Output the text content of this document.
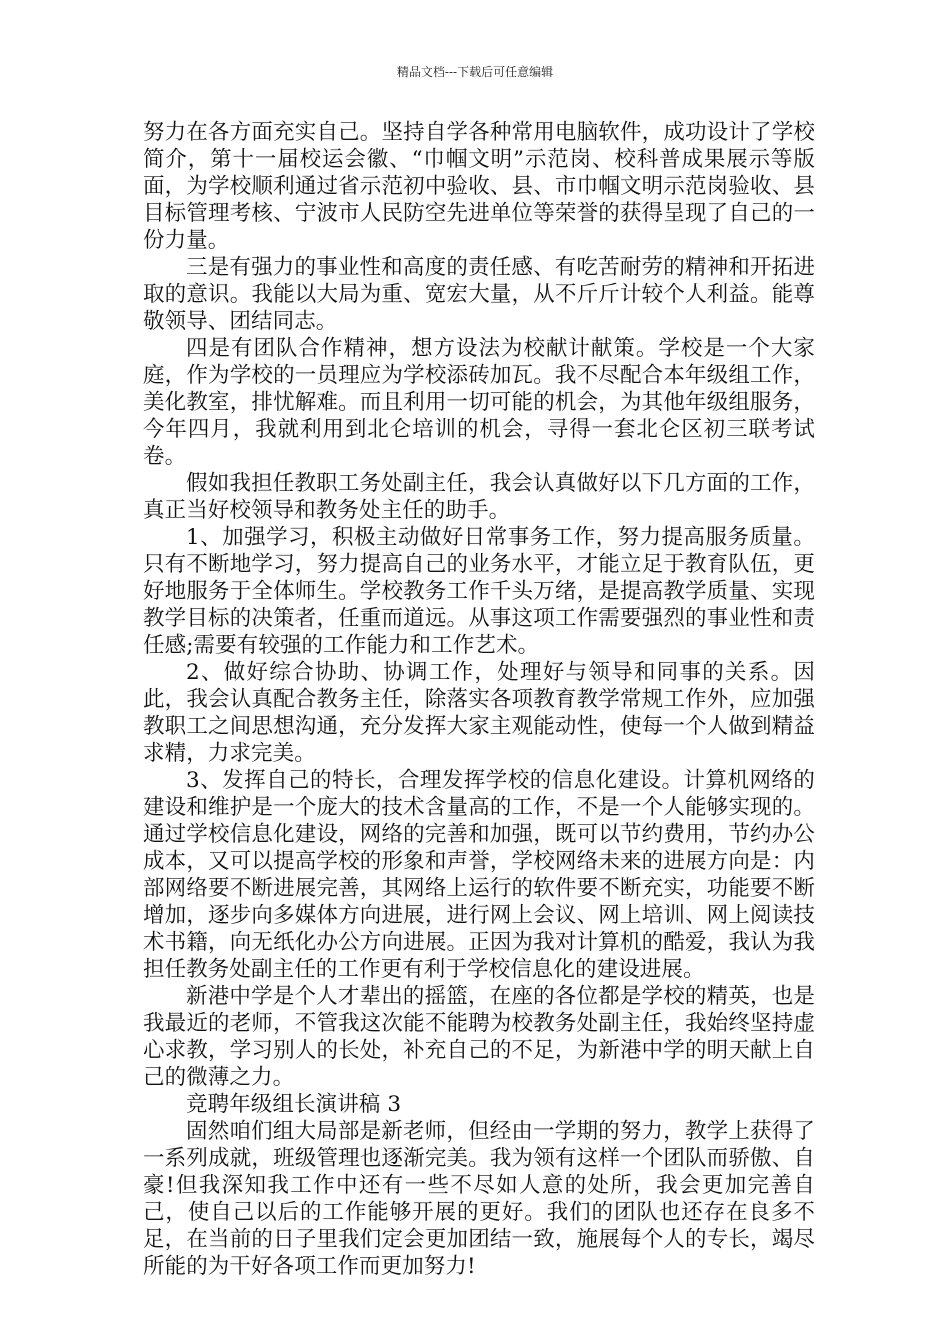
精品文档---下载后可任意编辑

努力在各方面充实自己。坚持自学各种常用电脑软件，成功设计了学校简介，第十一届校运会徽、“巾帼文明”示范岗、校科普成果展示等版面，为学校顺利通过省示范初中验收、县、市巾帼文明示范岗验收、县目标管理考核、宁波市人民防空先进单位等荣誉的获得呈现了自己的一份力量。

三是有强力的事业性和高度的责任感、有吃苦耐劳的精神和开拓进取的意识。我能以大局为重、宽宏大量，从不斤斤计较个人利益。能尊敬领导、团结同志。

四是有团队合作精神，想方设法为校献计献策。学校是一个大家庭，作为学校的一员理应为学校添砖加瓦。我不尽配合本年级组工作，美化教室，排忧解难。而且利用一切可能的机会，为其他年级组服务，今年四月，我就利用到北仑培训的机会，寻得一套北仑区初三联考试卷。

假如我担任教职工务处副主任，我会认真做好以下几方面的工作，真正当好校领导和教务处主任的助手。

1、加强学习，积极主动做好日常事务工作，努力提高服务质量。只有不断地学习，努力提高自己的业务水平，才能立足于教育队伍，更好地服务于全体师生。学校教务工作千头万绪，是提高教学质量、实现教学目标的决策者，任重而道远。从事这项工作需要强烈的事业性和责任感;需要有较强的工作能力和工作艺术。

2、做好综合协助、协调工作，处理好与领导和同事的关系。因此，我会认真配合教务主任，除落实各项教育教学常规工作外，应加强教职工之间思想沟通，充分发挥大家主观能动性，使每一个人做到精益求精，力求完美。

3、发挥自己的特长，合理发挥学校的信息化建设。计算机网络的建设和维护是一个庞大的技术含量高的工作，不是一个人能够实现的。通过学校信息化建设，网络的完善和加强，既可以节约费用，节约办公成本，又可以提高学校的形象和声誉，学校网络未来的进展方向是：内部网络要不断进展完善，其网络上运行的软件要不断充实，功能要不断增加，逐步向多媒体方向进展，进行网上会议、网上培训、网上阅读技术书籍，向无纸化办公方向进展。正因为我对计算机的酷爱，我认为我担任教务处副主任的工作更有利于学校信息化的建设进展。

新港中学是个人才辈出的摇篮，在座的各位都是学校的精英，也是我最近的老师，不管我这次能不能聘为校教务处副主任，我始终坚持虚心求教，学习别人的长处，补充自己的不足，为新港中学的明天献上自己的微薄之力。

竞聘年级组长演讲稿 3

固然咱们组大局部是新老师，但经由一学期的努力，教学上获得了一系列成就，班级管理也逐渐完美。我为领有这样一个团队而骄傲、自豪!但我深知我工作中还有一些不尽如人意的处所，我会更加完善自己，使自己以后的工作能够开展的更好。我们的团队也还存在良多不足，在当前的日子里我们定会更加团结一致，施展每个人的专长，竭尽所能的为干好各项工作而更加努力!
